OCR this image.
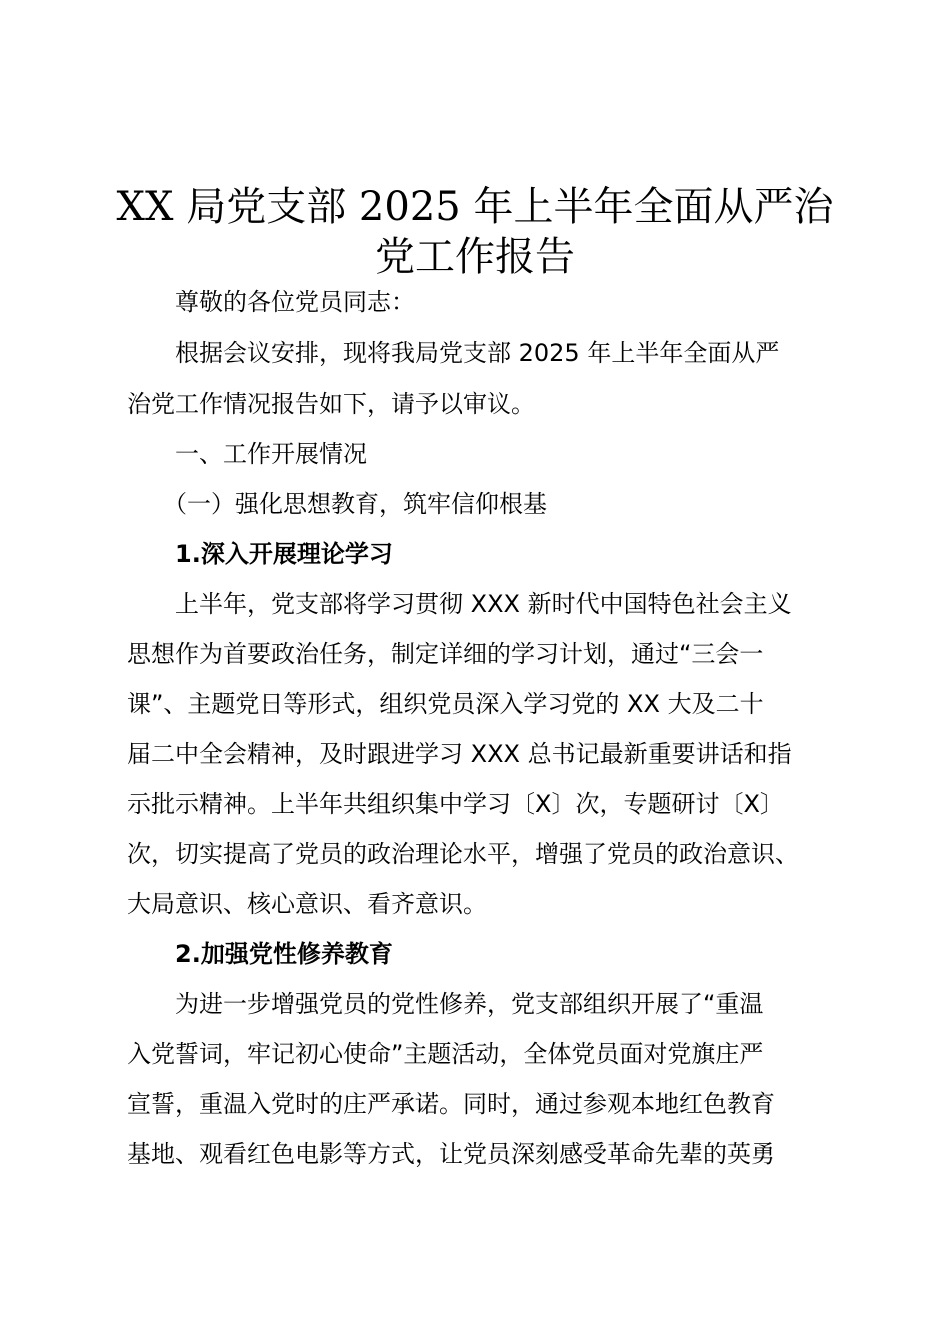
XX 局党支部 2025 年上半年全面从严治
党工作报告
　　尊敬的各位党员同志：
　　根据会议安排，现将我局党支部 2025 年上半年全面从严
治党工作情况报告如下，请予以审议。
　　一、工作开展情况
　　（一）强化思想教育，筑牢信仰根基
　　1.深入开展理论学习
　　上半年，党支部将学习贯彻 XXX 新时代中国特色社会主义
思想作为首要政治任务，制定详细的学习计划，通过“三会一
课”、主题党日等形式，组织党员深入学习党的 XX 大及二十
届二中全会精神，及时跟进学习 XXX 总书记最新重要讲话和指
示批示精神。上半年共组织集中学习〔X〕次，专题研讨〔X〕
次，切实提高了党员的政治理论水平，增强了党员的政治意识、
大局意识、核心意识、看齐意识。
　　2.加强党性修养教育
　　为进一步增强党员的党性修养，党支部组织开展了“重温
入党誓词，牢记初心使命”主题活动，全体党员面对党旗庄严
宣誓，重温入党时的庄严承诺。同时，通过参观本地红色教育
基地、观看红色电影等方式，让党员深刻感受革命先辈的英勇
